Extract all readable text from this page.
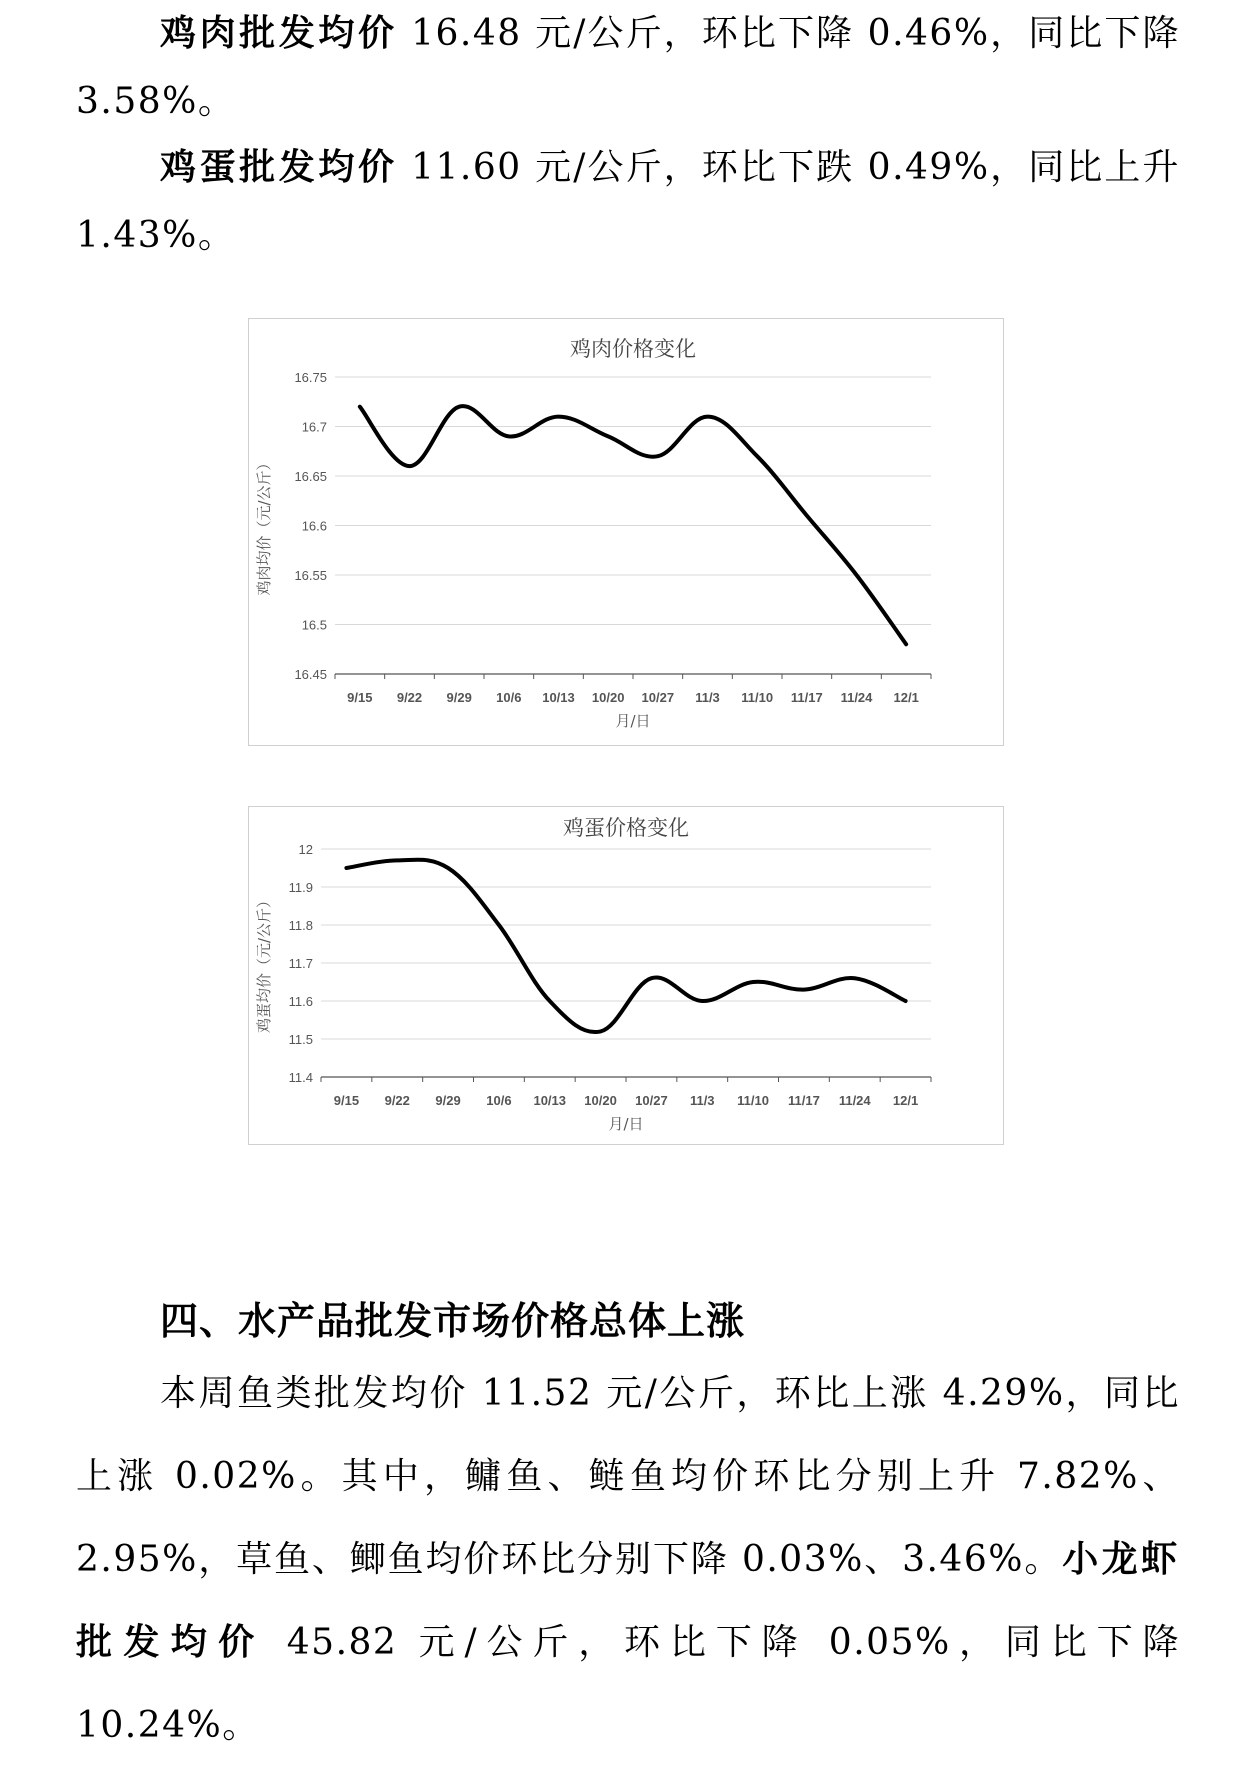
鸡肉批发均价 16.48 元/公斤，环比下降 0.46%，同比下降 3.58%。

鸡蛋批发均价 11.60 元/公斤，环比下跌 0.49%，同比上升 1.43%。

鸡肉价格变化
16.75
16.7
16.65
16.6
16.55
16.5
16.45
9/15 9/22 9/29 10/6 10/13 10/20 10/27 11/3 11/10 11/17 11/24 12/1
月/日
鸡肉均价（元/公斤）
鸡蛋价格变化
12
11.9
11.8
11.7
11.6
11.5
11.4
9/15 9/22 9/29 10/6 10/13 10/20 10/27 11/3 11/10 11/17 11/24 12/1
月/日
鸡蛋均价（元/公斤）
四、水产品批发市场价格总体上涨

本周鱼类批发均价 11.52 元/公斤，环比上涨 4.29%，同比上涨 0.02%。其中，鳙鱼、鲢鱼均价环比分别上升 7.82%、2.95%，草鱼、鲫鱼均价环比分别下降 0.03%、3.46%。小龙虾批发均价 45.82 元/公斤，环比下降 0.05%，同比下降 10.24%。
